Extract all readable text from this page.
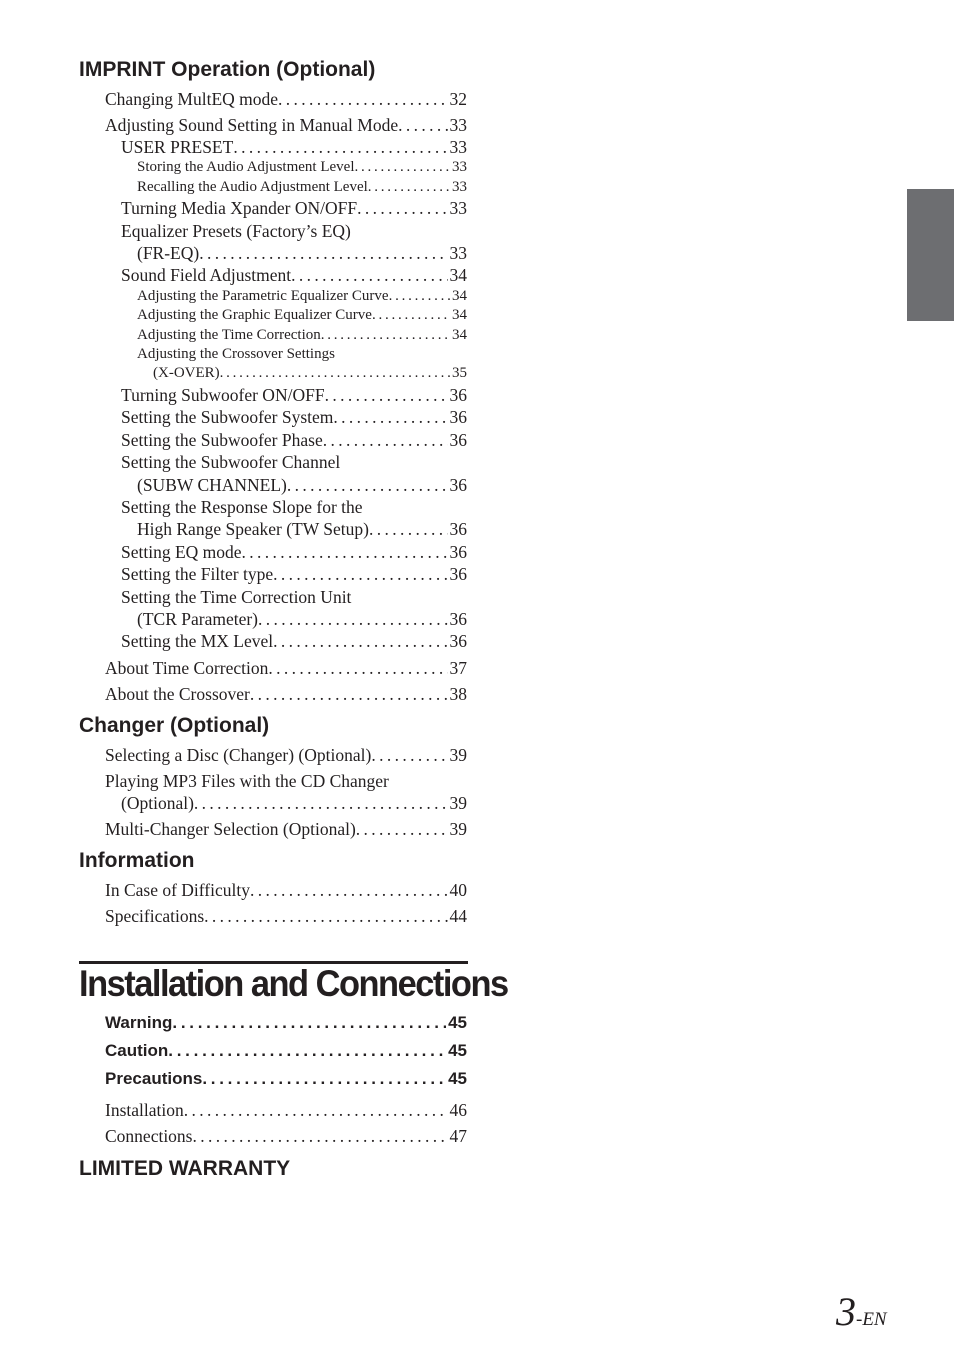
IMPRINT Operation (Optional)
Changing MultEQ mode . . .	32
Adjusting Sound Setting in Manual Mode . . .	33
USER PRESET . . .	33
Storing the Audio Adjustment Level . . .	33
Recalling the Audio Adjustment Level . . .	33
Turning Media Xpander ON/OFF . . .	33
Equalizer Presets (Factory’s EQ)
(FR-EQ) . . .	33
Sound Field Adjustment . . .	34
Adjusting the Parametric Equalizer Curve . . .	34
Adjusting the Graphic Equalizer Curve . . .	34
Adjusting the Time Correction . . .	34
Adjusting the Crossover Settings
(X-OVER) . . .	35
Turning Subwoofer ON/OFF . . .	36
Setting the Subwoofer System . . .	36
Setting the Subwoofer Phase . . .	36
Setting the Subwoofer Channel
(SUBW CHANNEL) . . .	36
Setting the Response Slope for the
High Range Speaker (TW Setup) . . .	36
Setting EQ mode . . .	36
Setting the Filter type . . .	36
Setting the Time Correction Unit
(TCR Parameter) . . .	36
Setting the MX Level . . .	36
About Time Correction . . .	37
About the Crossover . . .	38
Changer (Optional)
Selecting a Disc (Changer) (Optional) . . .	39
Playing MP3 Files with the CD Changer
(Optional) . . .	39
Multi-Changer Selection (Optional) . . .	39
Information
In Case of Difficulty . . .	40
Specifications . . .	44
Installation and Connections
Warning . . .	45
Caution . . .	45
Precautions . . .	45
Installation . . .	46
Connections . . .	47
LIMITED WARRANTY
3-EN
